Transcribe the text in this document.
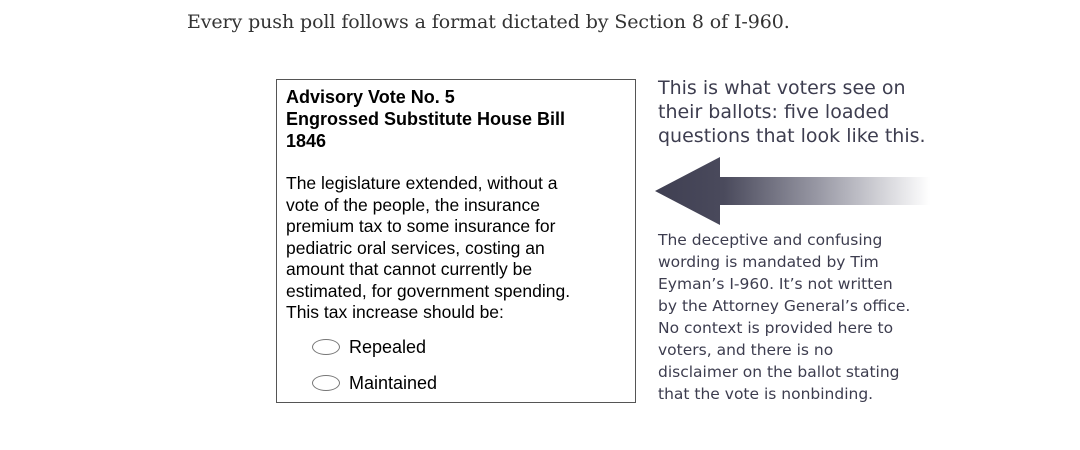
Every push poll follows a format dictated by Section 8 of I-960.
Advisory Vote No. 5
Engrossed Substitute House Bill
1846
The legislature extended, without a
vote of the people, the insurance
premium tax to some insurance for
pediatric oral services, costing an
amount that cannot currently be
estimated, for government spending.
This tax increase should be:
Repealed
Maintained
This is what voters see on
their ballots: five loaded
questions that look like this.
The deceptive and confusing
wording is mandated by Tim
Eyman’s I-960. It’s not written
by the Attorney General’s office.
No context is provided here to
voters, and there is no
disclaimer on the ballot stating
that the vote is nonbinding.
